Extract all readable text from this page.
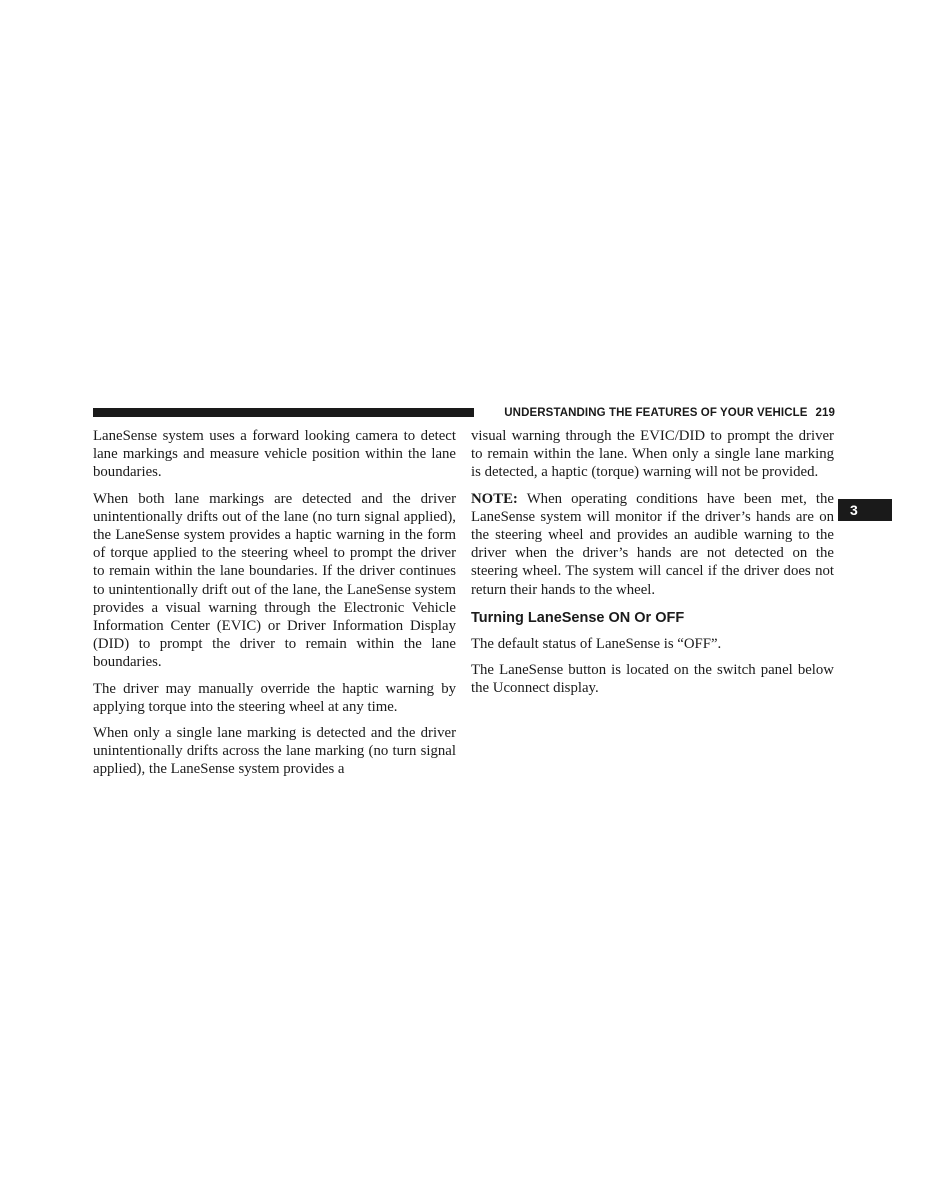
UNDERSTANDING THE FEATURES OF YOUR VEHICLE 219
3

LaneSense system uses a forward looking camera to detect lane markings and measure vehicle position within the lane boundaries.

When both lane markings are detected and the driver unintentionally drifts out of the lane (no turn signal applied), the LaneSense system provides a haptic warning in the form of torque applied to the steering wheel to prompt the driver to remain within the lane boundaries. If the driver continues to unintentionally drift out of the lane, the LaneSense system provides a visual warning through the Electronic Vehicle Information Center (EVIC) or Driver Information Display (DID) to prompt the driver to remain within the lane boundaries.

The driver may manually override the haptic warning by applying torque into the steering wheel at any time.

When only a single lane marking is detected and the driver unintentionally drifts across the lane marking (no turn signal applied), the LaneSense system provides a

visual warning through the EVIC/DID to prompt the driver to remain within the lane. When only a single lane marking is detected, a haptic (torque) warning will not be provided.

NOTE: When operating conditions have been met, the LaneSense system will monitor if the driver’s hands are on the steering wheel and provides an audible warning to the driver when the driver’s hands are not detected on the steering wheel. The system will cancel if the driver does not return their hands to the wheel.

Turning LaneSense ON Or OFF

The default status of LaneSense is “OFF”.

The LaneSense button is located on the switch panel below the Uconnect display.
